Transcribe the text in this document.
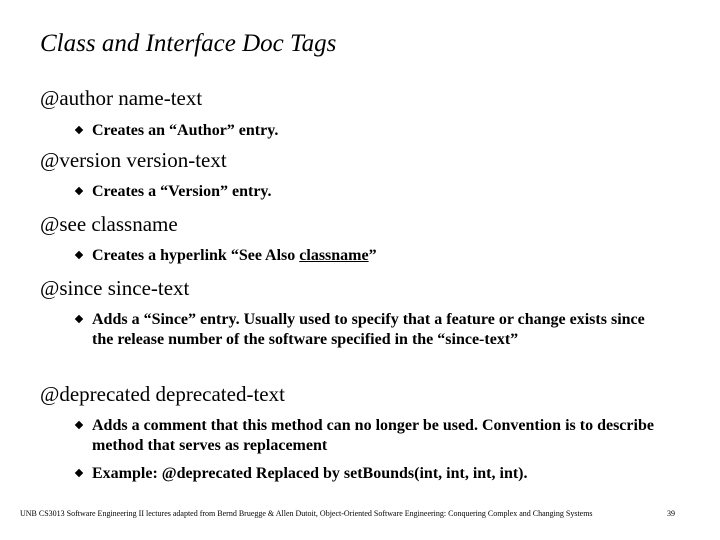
Class and Interface Doc Tags
@author name-text
Creates an “Author” entry.
@version version-text
Creates a “Version” entry.
@see classname
Creates a hyperlink “See Also classname”
@since since-text
Adds a “Since” entry. Usually used to specify that a feature or change exists since the release number of the software specified in the “since-text”
@deprecated deprecated-text
Adds a comment that this method can no longer be used. Convention is to describe method that serves as replacement
Example: @deprecated Replaced by setBounds(int, int, int, int).
UNB CS3013 Software Engineering II lectures adapted from Bernd Bruegge & Allen Dutoit, Object-Oriented Software Engineering: Conquering Complex and Changing Systems	39
